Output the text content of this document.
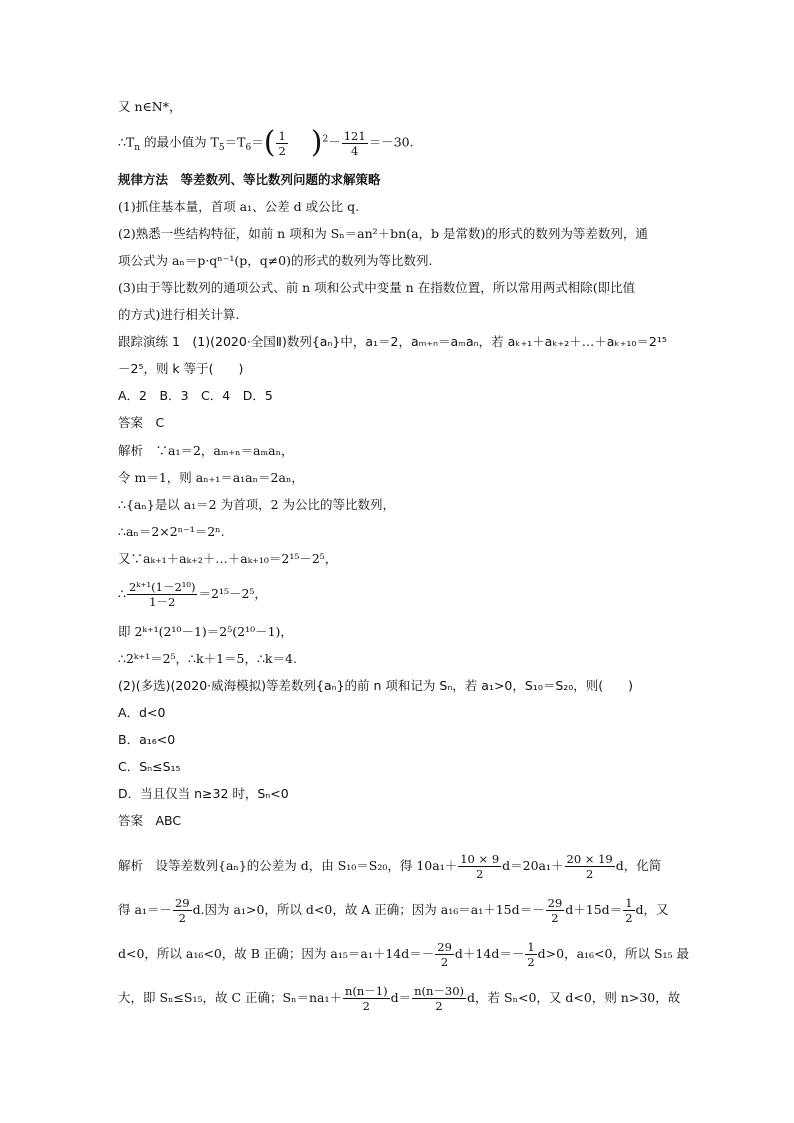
又 n∈N*，
$\therefore T_n$ 的最小值为 $T_5=T_6=( \frac{1}{2} )^2- \frac{121}{4} =-30$.
规律方法　等差数列、等比数列问题的求解策略
(1)抓住基本量，首项 a₁、公差 d 或公比 q.
(2)熟悉一些结构特征，如前 n 项和为 Sₙ＝an²＋bn(a，b 是常数)的形式的数列为等差数列，通
项公式为 aₙ＝p·qⁿ⁻¹(p，q≠0)的形式的数列为等比数列.
(3)由于等比数列的通项公式、前 n 项和公式中变量 n 在指数位置，所以常用两式相除(即比值
的方式)进行相关计算.
跟踪演练 1　(1)(2020·全国Ⅱ)数列{aₙ}中，a₁＝2，aₘ₊ₙ＝aₘaₙ，若 aₖ₊₁＋aₖ₊₂＋…＋aₖ₊₁₀＝2¹⁵
－2⁵，则 k 等于(　　)
A．2　B．3　C．4　D．5
答案　C
解析　∵a₁＝2，aₘ₊ₙ＝aₘaₙ，
令 m＝1，则 aₙ₊₁＝a₁aₙ＝2aₙ，
∴{aₙ}是以 a₁＝2 为首项，2 为公比的等比数列，
∴aₙ＝2×2ⁿ⁻¹＝2ⁿ.
又∵aₖ₊₁＋aₖ₊₂＋…＋aₖ₊₁₀＝2¹⁵－2⁵，
∴ $\frac{\text{2ᵏ⁺¹(1－2¹⁰)}}{1-2} =2^{15}-2^5$，
即 2ᵏ⁺¹(2¹⁰－1)＝2⁵(2¹⁰－1)，
∴2ᵏ⁺¹＝2⁵，∴k＋1＝5，∴k＝4.
(2)(多选)(2020·威海模拟)等差数列{aₙ}的前 n 项和记为 Sₙ，若 a₁>0，S₁₀＝S₂₀，则(　　)
A．d<0
B．a₁₆<0
C．Sₙ≤S₁₅
D．当且仅当 n≥32 时，Sₙ<0
答案　ABC
解析　设等差数列{aₙ}的公差为 d，由 S₁₀＝S₂₀，得 $10a_1+ \frac{10 \times 9}{2} d=20a_1+ \frac{20 \times 19}{2}$ d，化简
得 $a_1=- \frac{29}{2} d$.因为 a₁>0，所以 d<0，故 A 正确；因为 $a_{16}=a_1+15d=- \frac{29}{2} d+15d= \frac{1}{2}$ d，又
d<0，所以 a₁₆<0，故 B 正确；因为 $a_{15}=a_1+14d=- \frac{29}{2} d+14d=- \frac{1}{2} d>0$，a₁₆<0，所以 S₁₅ 最
大，即 Sₙ≤S₁₅，故 C 正确；$S_n=na_1+ \frac{n(n-1)}{2} d= \frac{n(n-30)}{2}$ d，若 Sₙ<0，又 d<0，则 n>30，故
